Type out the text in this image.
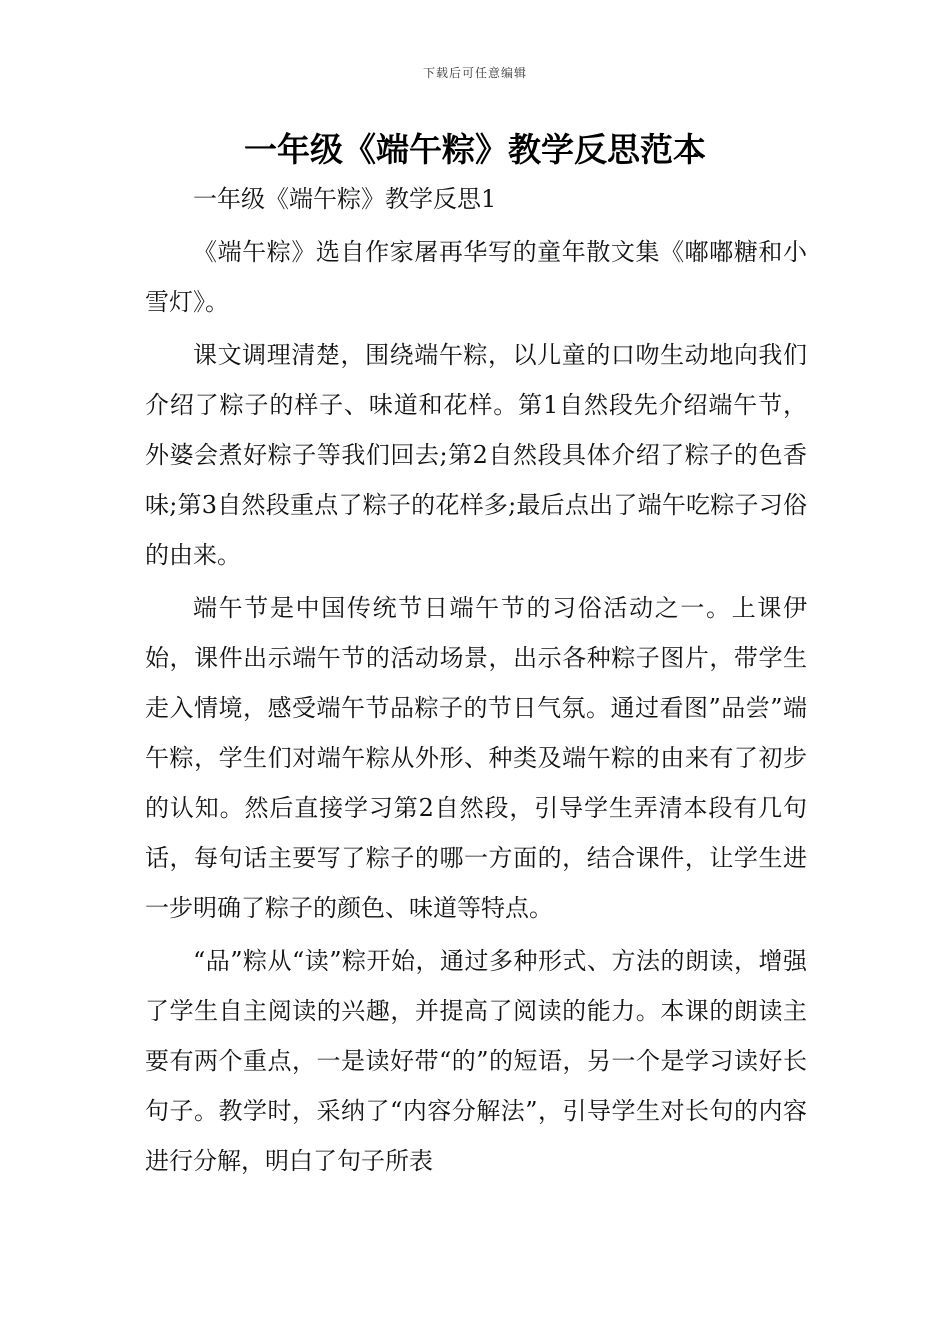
下载后可任意编辑
一年级《端午粽》教学反思范本

一年级《端午粽》教学反思1

《端午粽》选自作家屠再华写的童年散文集《嘟嘟糖和小雪灯》。

课文调理清楚，围绕端午粽，以儿童的口吻生动地向我们介绍了粽子的样子、味道和花样。第1自然段先介绍端午节，外婆会煮好粽子等我们回去;第2自然段具体介绍了粽子的色香味;第3自然段重点了粽子的花样多;最后点出了端午吃粽子习俗的由来。

端午节是中国传统节日端午节的习俗活动之一。上课伊始，课件出示端午节的活动场景，出示各种粽子图片，带学生走入情境，感受端午节品粽子的节日气氛。通过看图”品尝”端午粽，学生们对端午粽从外形、种类及端午粽的由来有了初步的认知。然后直接学习第2自然段，引导学生弄清本段有几句话，每句话主要写了粽子的哪一方面的，结合课件，让学生进一步明确了粽子的颜色、味道等特点。

“品”粽从“读”粽开始，通过多种形式、方法的朗读，增强了学生自主阅读的兴趣，并提高了阅读的能力。本课的朗读主要有两个重点，一是读好带“的”的短语，另一个是学习读好长句子。教学时，采纳了“内容分解法”，引导学生对长句的内容进行分解，明白了句子所表
